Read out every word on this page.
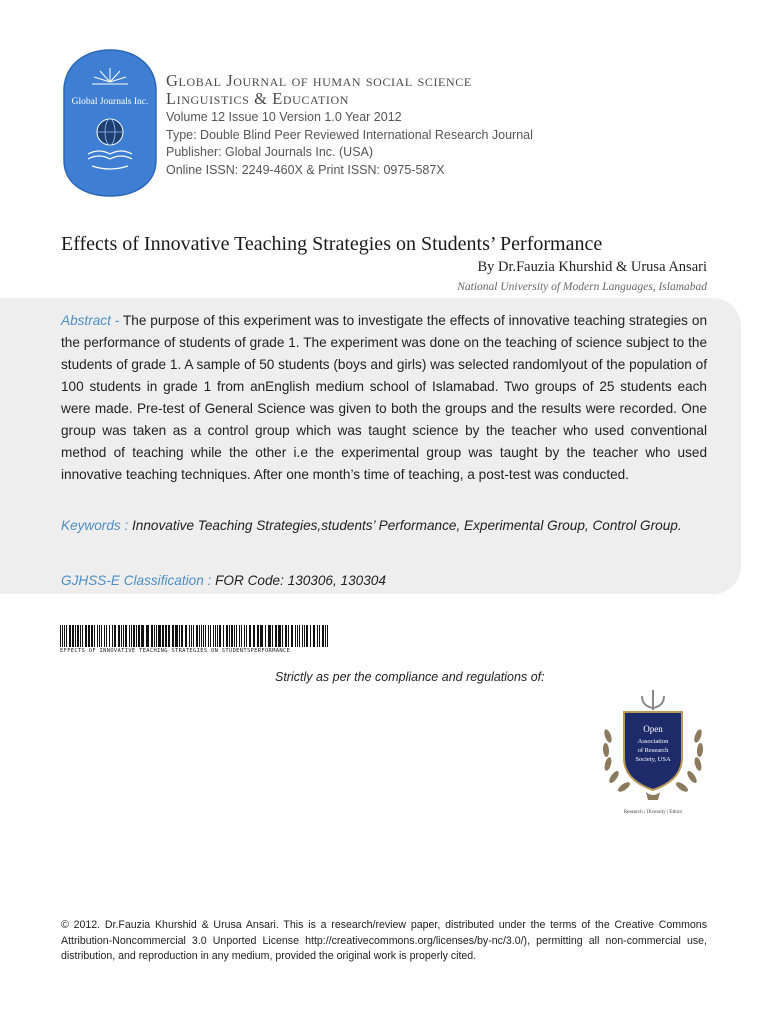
Global Journals Inc.
Global Journal of human social science
Linguistics & Education
Volume 12 Issue 10 Version 1.0 Year 2012
Type: Double Blind Peer Reviewed International Research Journal
Publisher: Global Journals Inc. (USA)
Online ISSN: 2249-460X & Print ISSN: 0975-587X
Effects of Innovative Teaching Strategies on Students’ Performance
By Dr.Fauzia Khurshid & Urusa Ansari
National University of Modern Languages, Islamabad
Abstract - The purpose of this experiment was to investigate the effects of innovative teaching strategies on the performance of students of grade 1. The experiment was done on the teaching of science subject to the students of grade 1. A sample of 50 students (boys and girls) was selected randomlyout of the population of 100 students in grade 1 from anEnglish medium school of Islamabad. Two groups of 25 students each were made. Pre-test of General Science was given to both the groups and the results were recorded. One group was taken as a control group which was taught science by the teacher who used conventional method of teaching while the other i.e the experimental group was taught by the teacher who used innovative teaching techniques. After one month’s time of teaching, a post-test was conducted.
Keywords : Innovative Teaching Strategies,students’ Performance, Experimental Group, Control Group.
GJHSS-E Classification : FOR Code: 130306, 130304
EFFECTS OF INNOVATIVE TEACHING STRATEGIES ON STUDENTSPERFORMANCE
Strictly as per the compliance and regulations of:
Open
Association
of Research
Society, USA
Research | Diversity | Ethics
© 2012. Dr.Fauzia Khurshid & Urusa Ansari. This is a research/review paper, distributed under the terms of the Creative Commons Attribution-Noncommercial 3.0 Unported License http://creativecommons.org/licenses/by-nc/3.0/), permitting all non-commercial use, distribution, and reproduction in any medium, provided the original work is properly cited.
